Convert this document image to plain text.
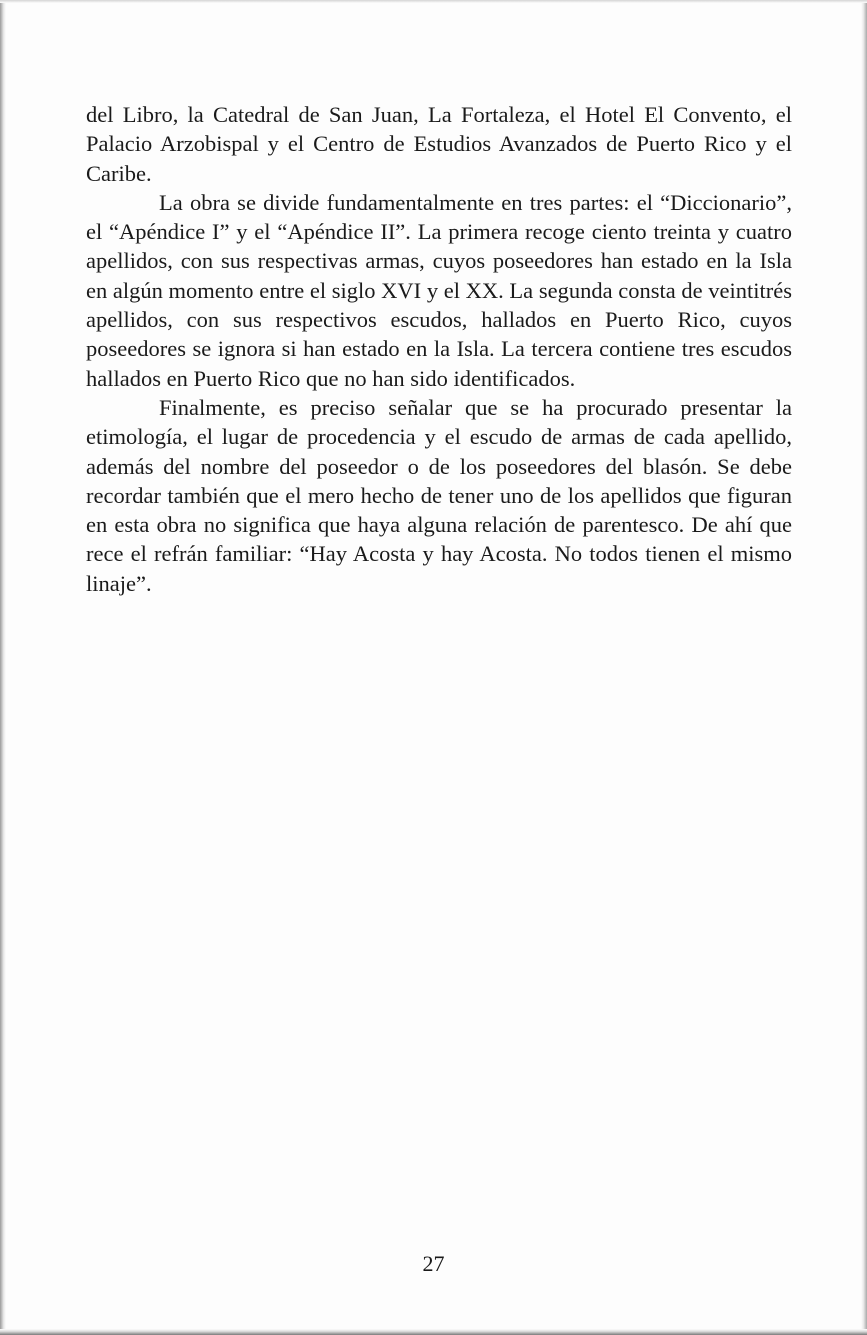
del Libro, la Catedral de San Juan, La Fortaleza, el Hotel El Convento, el Palacio Arzobispal y el Centro de Estudios Avanzados de Puerto Rico y el Caribe.

La obra se divide fundamentalmente en tres partes: el “Diccionario”, el “Apéndice I” y el “Apéndice II”. La primera recoge ciento treinta y cuatro apellidos, con sus respectivas armas, cuyos poseedores han estado en la Isla en algún momento entre el siglo XVI y el XX. La segunda consta de veintitrés apellidos, con sus respectivos escudos, hallados en Puerto Rico, cuyos poseedores se ignora si han estado en la Isla. La tercera contiene tres escudos hallados en Puerto Rico que no han sido identificados.

Finalmente, es preciso señalar que se ha procurado presentar la etimología, el lugar de procedencia y el escudo de armas de cada apellido, además del nombre del poseedor o de los poseedores del blasón. Se debe recordar también que el mero hecho de tener uno de los apellidos que figuran en esta obra no significa que haya alguna relación de parentesco. De ahí que rece el refrán familiar: “Hay Acosta y hay Acosta. No todos tienen el mismo linaje”.

27
